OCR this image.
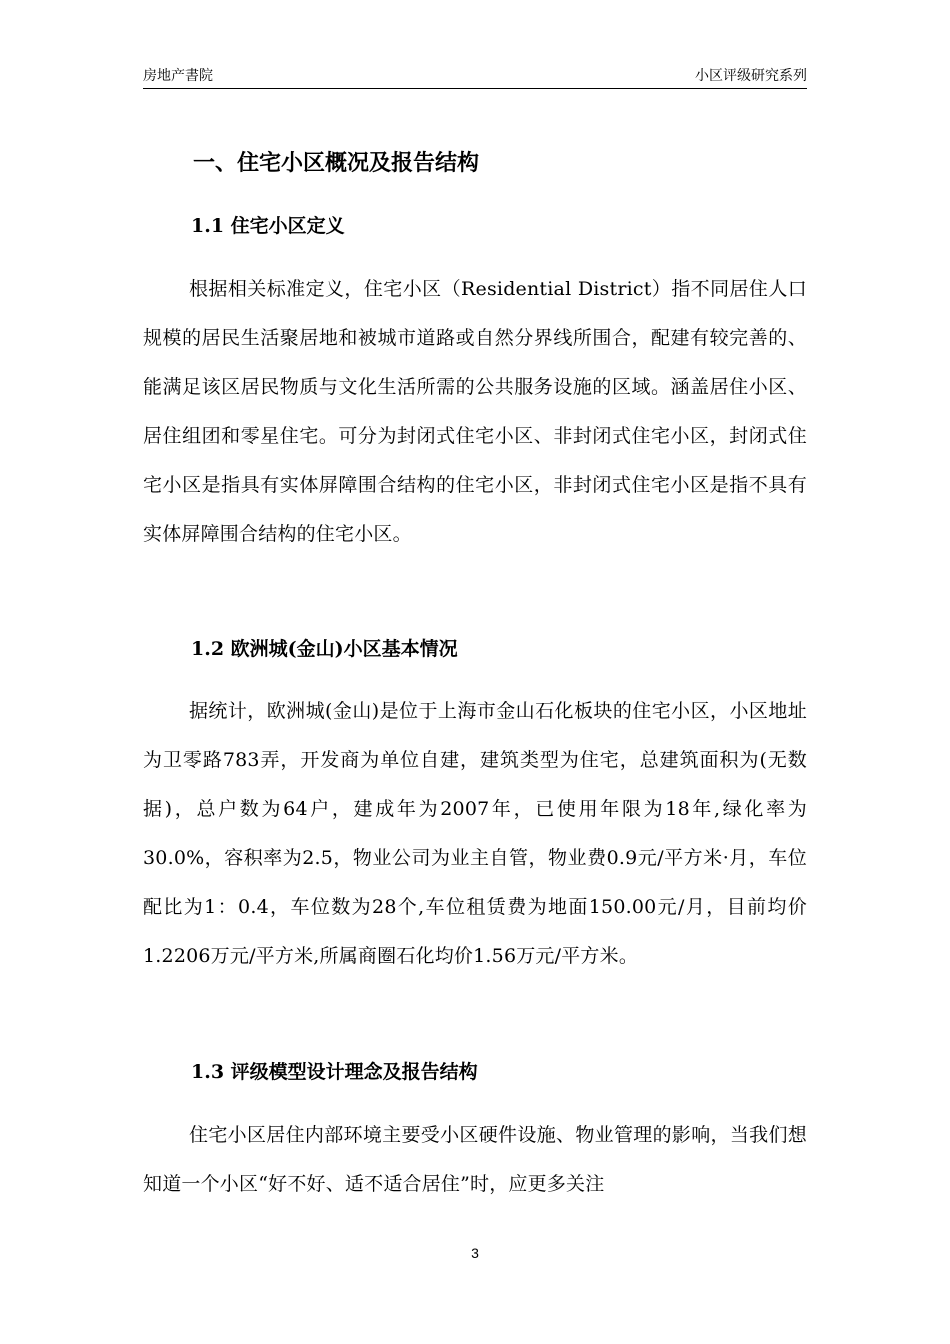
房地产書院	小区评级研究系列
一、住宅小区概况及报告结构
1.1 住宅小区定义
根据相关标准定义，住宅小区（Residential District）指不同居住人口规模的居民生活聚居地和被城市道路或自然分界线所围合，配建有较完善的、能满足该区居民物质与文化生活所需的公共服务设施的区域。涵盖居住小区、居住组团和零星住宅。可分为封闭式住宅小区、非封闭式住宅小区，封闭式住宅小区是指具有实体屏障围合结构的住宅小区，非封闭式住宅小区是指不具有实体屏障围合结构的住宅小区。
1.2 欧洲城(金山)小区基本情况
据统计，欧洲城(金山)是位于上海市金山石化板块的住宅小区，小区地址为卫零路783弄，开发商为单位自建，建筑类型为住宅，总建筑面积为(无数据)，总户数为64户，建成年为2007年，已使用年限为18年,绿化率为30.0%，容积率为2.5，物业公司为业主自管，物业费0.9元/平方米·月，车位配比为1：0.4，车位数为28个,车位租赁费为地面150.00元/月，目前均价1.2206万元/平方米,所属商圈石化均价1.56万元/平方米。
1.3 评级模型设计理念及报告结构
住宅小区居住内部环境主要受小区硬件设施、物业管理的影响，当我们想知道一个小区“好不好、适不适合居住”时，应更多关注
3
